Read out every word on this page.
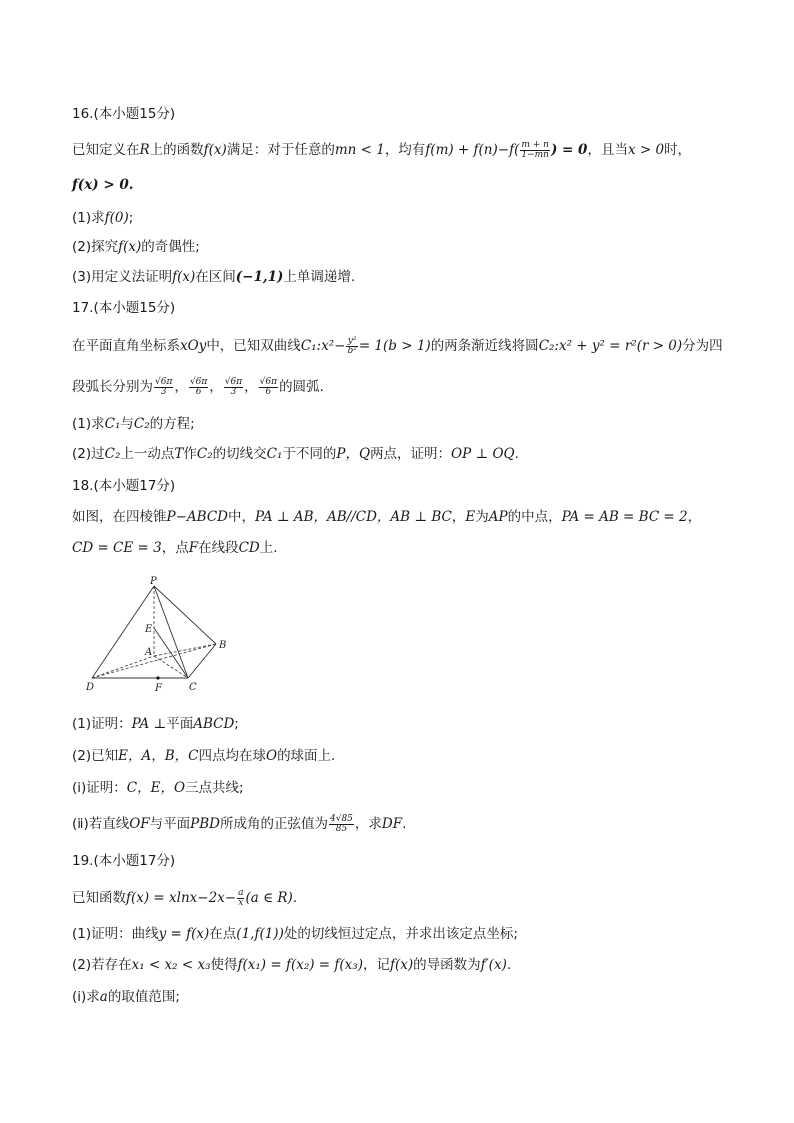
16.(本小题15分)
已知定义在R上的函数f(x)满足：对于任意的mn < 1，均有$f(m) + f(n)-f( \frac{m + n}{1-mn}$ ) = 0，且当x > 0时，
f(x) > 0.
(1)求f(0);
(2)探究f(x)的奇偶性;
(3)用定义法证明f(x)在区间(−1,1)上单调递增.
17.(本小题15分)
在平面直角坐标系xOy中，已知双曲线C₁:x²− $\frac{\text{y²}}{\text{b²}} = 1(b > 1)$的两条渐近线将圆C₂:x² + y² = r²(r > 0)分为四
段弧长分别为 $\frac{√6\pi}{3}$ ， $\frac{√6\pi}{6}$ ， $\frac{√6\pi}{3}$ ， $\frac{√6\pi}{6}$ 的圆弧.
(1)求C₁与C₂的方程;
(2)过C₂上一动点T作C₂的切线交C₁于不同的P，Q两点，证明：OP ⊥ OQ.
18.(本小题17分)
如图，在四棱锥P−ABCD中，PA ⊥ AB，AB//CD，AB ⊥ BC，E为AP的中点，PA = AB = BC = 2，
CD = CE = 3，点F在线段CD上.
P
E
A
B
C
D	F
(1)证明：PA ⊥平面ABCD;
(2)已知E，A，B，C四点均在球O的球面上.
(ⅰ)证明：C，E，O三点共线;
(ⅱ)若直线OF与平面PBD所成角的正弦值为 $\frac{4√85}{85}$ ，求DF.
19.(本小题17分)
已知函数$f(x) = xlnx-2x- \frac{a}{x} (a$ ∈ R).
(1)证明：曲线y = f(x)在点(1,f(1))处的切线恒过定点，并求出该定点坐标;
(2)若存在x₁ < x₂ < x₃使得f(x₁) = f(x₂) = f(x₃)，记f(x)的导函数为f′(x).
(ⅰ)求a的取值范围;
